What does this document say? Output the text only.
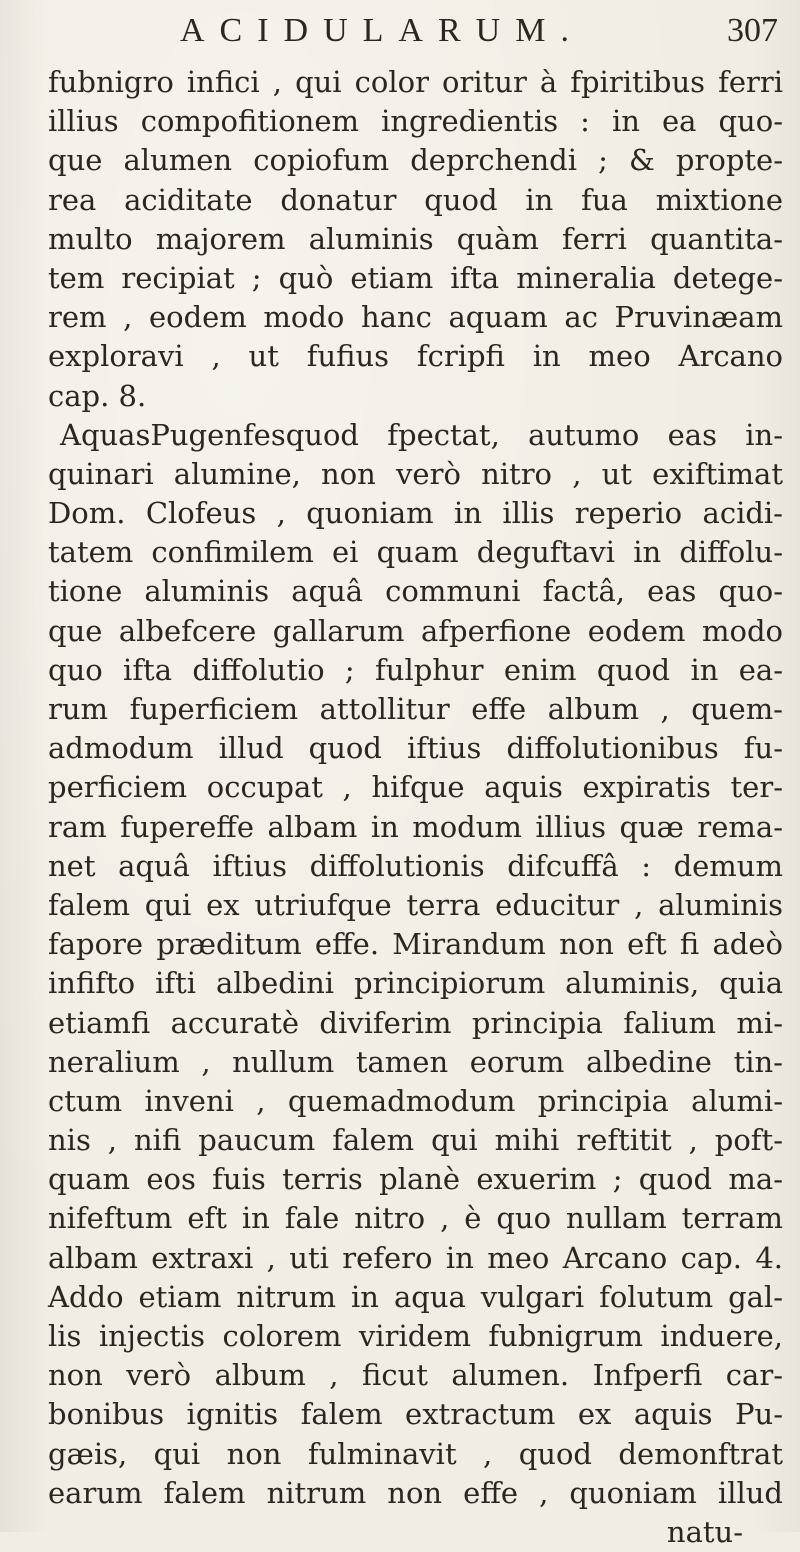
ACIDULARUM.	307
fubnigro infici , qui color oritur à fpiritibus ferri
illius compofitionem ingredientis : in ea quo-
que alumen copiofum deprchendi ; & propte-
rea aciditate donatur quod in fua mixtione
multo majorem aluminis quàm ferri quantita-
tem recipiat ; quò etiam ifta mineralia detege-
rem , eodem modo hanc aquam ac Pruvinæam
exploravi , ut fufius fcripfi in meo Arcano
cap. 8.
AquasPugenfesquod fpectat, autumo eas in-
quinari alumine, non verò nitro , ut exiftimat
Dom. Clofeus , quoniam in illis reperio acidi-
tatem confimilem ei quam deguftavi in diffolu-
tione aluminis aquâ communi factâ, eas quo-
que albefcere gallarum afperfione eodem modo
quo ifta diffolutio ; fulphur enim quod in ea-
rum fuperficiem attollitur effe album , quem-
admodum illud quod iftius diffolutionibus fu-
perficiem occupat , hifque aquis expiratis ter-
ram fupereffe albam in modum illius quæ rema-
net aquâ iftius diffolutionis difcuffâ : demum
falem qui ex utriufque terra educitur , aluminis
fapore præditum effe. Mirandum non eft fi adeò
infifto ifti albedini principiorum aluminis, quia
etiamfi accuratè diviferim principia falium mi-
neralium , nullum tamen eorum albedine tin-
ctum inveni , quemadmodum principia alumi-
nis , nifi paucum falem qui mihi reftitit , poft-
quam eos fuis terris planè exuerim ; quod ma-
nifeftum eft in fale nitro , è quo nullam terram
albam extraxi , uti refero in meo Arcano cap. 4.
Addo etiam nitrum in aqua vulgari folutum gal-
lis injectis colorem viridem fubnigrum induere,
non verò album , ficut alumen. Infperfi car-
bonibus ignitis falem extractum ex aquis Pu-
gæis, qui non fulminavit , quod demonftrat
earum falem nitrum non effe , quoniam illud
natu-
